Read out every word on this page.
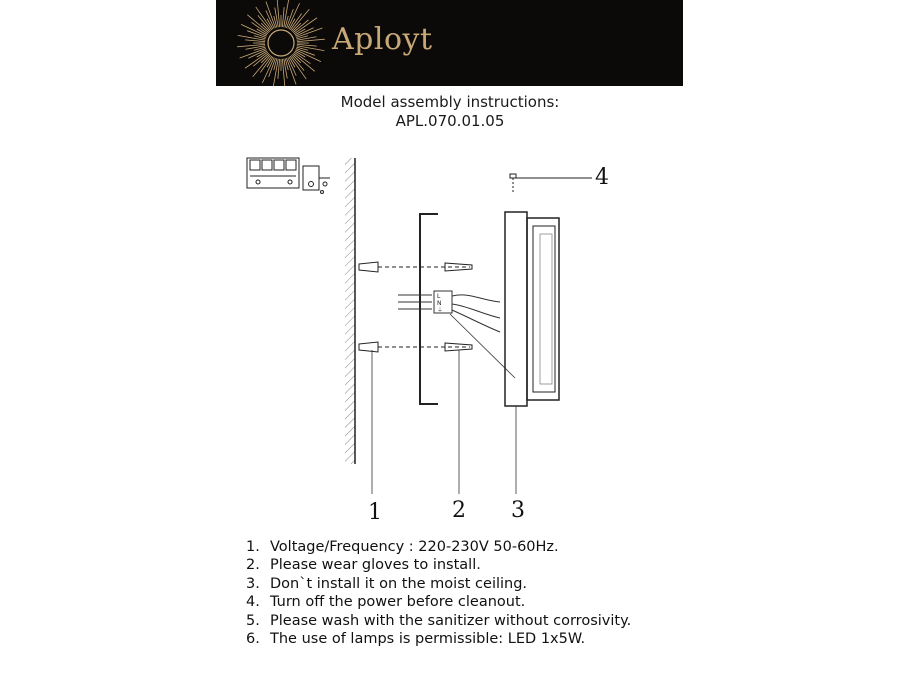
Aployt
Model assembly instructions:
APL.070.01.05
L
N
⏚
1	2 3
4
1. Voltage/Frequency : 220-230V 50-60Hz.
2. Please wear gloves to install.
3. Don`t install it on the moist ceiling.
4. Turn off the power before cleanout.
5. Please wash with the sanitizer without corrosivity.
6. The use of lamps is permissible: LED 1x5W.
